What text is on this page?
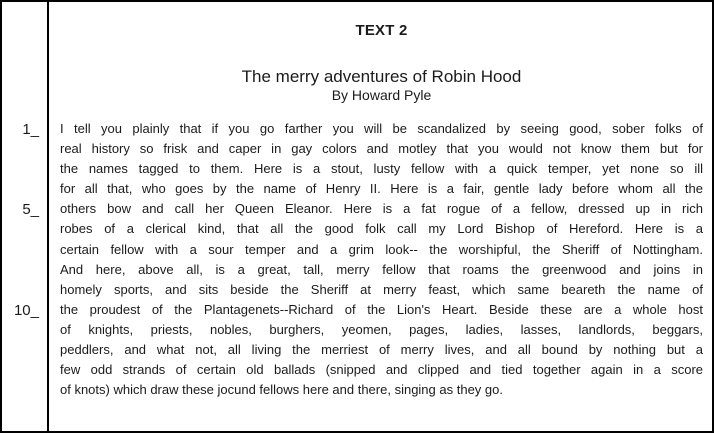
1_
5_
10_
TEXT 2
The merry adventures of Robin Hood
By Howard Pyle
I tell you plainly that if you go farther you will be scandalized by seeing good, sober folks of
real history so frisk and caper in gay colors and motley that you would not know them but for
the names tagged to them. Here is a stout, lusty fellow with a quick temper, yet none so ill
for all that, who goes by the name of Henry II. Here is a fair, gentle lady before whom all the
others bow and call her Queen Eleanor. Here is a fat rogue of a fellow, dressed up in rich
robes of a clerical kind, that all the good folk call my Lord Bishop of Hereford. Here is a
certain fellow with a sour temper and a grim look-- the worshipful, the Sheriff of Nottingham.
And here, above all, is a great, tall, merry fellow that roams the greenwood and joins in
homely sports, and sits beside the Sheriff at merry feast, which same beareth the name of
the proudest of the Plantagenets--Richard of the Lion's Heart. Beside these are a whole host
of knights, priests, nobles, burghers, yeomen, pages, ladies, lasses, landlords, beggars,
peddlers, and what not, all living the merriest of merry lives, and all bound by nothing but a
few odd strands of certain old ballads (snipped and clipped and tied together again in a score
of knots) which draw these jocund fellows here and there, singing as they go.
